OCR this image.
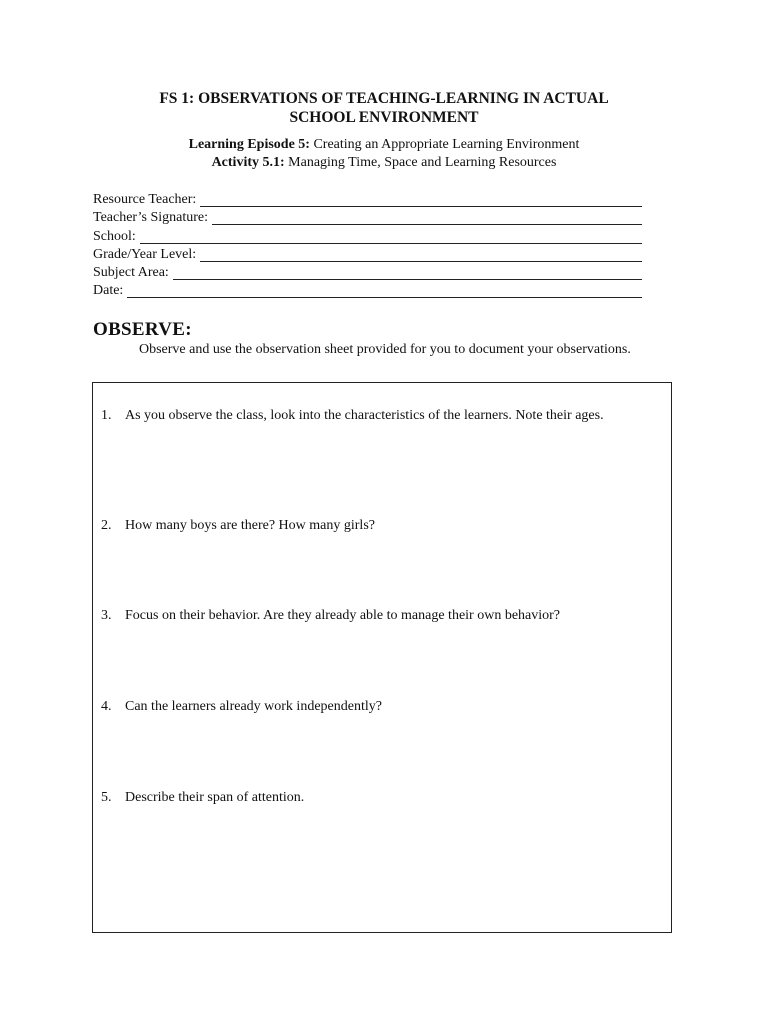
FS 1: OBSERVATIONS OF TEACHING-LEARNING IN ACTUAL
SCHOOL ENVIRONMENT
Learning Episode 5: Creating an Appropriate Learning Environment
Activity 5.1: Managing Time, Space and Learning Resources
Resource Teacher:
Teacher’s Signature:
School:
Grade/Year Level:
Subject Area:
Date:
OBSERVE:
Observe and use the observation sheet provided for you to document your observations.
1. As you observe the class, look into the characteristics of the learners. Note their ages.
2. How many boys are there? How many girls?
3. Focus on their behavior. Are they already able to manage their own behavior?
4. Can the learners already work independently?
5. Describe their span of attention.
